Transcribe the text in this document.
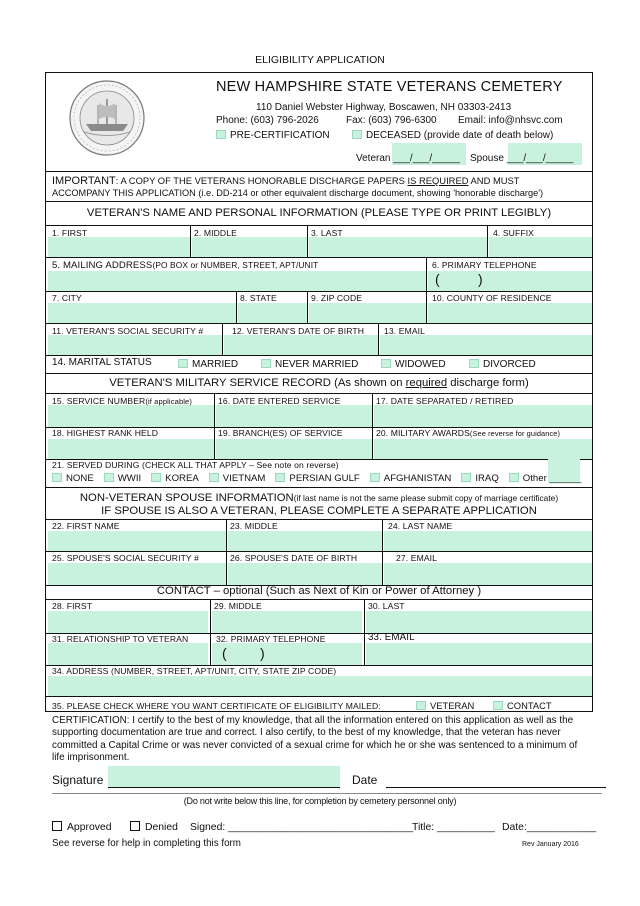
ELIGIBILITY APPLICATION
NEW HAMPSHIRE STATE VETERANS CEMETERY
110 Daniel Webster Highway, Boscawen, NH 03303-2413
Phone: (603) 796-2026	Fax: (603) 796-6300 Email: info@nhsvc.com
PRE-CERTIFICATION	DECEASED (provide date of death below)
Veteran ___/___/_____ Spouse ___/___/_____
IMPORTANT: A COPY OF THE VETERANS HONORABLE DISCHARGE PAPERS IS REQUIRED AND MUST
ACCOMPANY THIS APPLICATION (i.e. DD-214 or other equivalent discharge document, showing 'honorable discharge')
VETERAN'S NAME AND PERSONAL INFORMATION (PLEASE TYPE OR PRINT LEGIBLY)
1. FIRST	2. MIDDLE	3. LAST	4. SUFFIX
5. MAILING ADDRESS(PO BOX or NUMBER, STREET, APT/UNIT	6. PRIMARY TELEPHONE
(	)
7. CITY	8. STATE	9. ZIP CODE	10. COUNTY OF RESIDENCE
11. VETERAN'S SOCIAL SECURITY #	12. VETERAN'S DATE OF BIRTH 13. EMAIL
14. MARITAL STATUS	MARRIED	NEVER MARRIED	WIDOWED	DIVORCED
VETERAN'S MILITARY SERVICE RECORD (As shown on required discharge form)
15. SERVICE NUMBER(if applicable)	16. DATE ENTERED SERVICE	17. DATE SEPARATED / RETIRED
18. HIGHEST RANK HELD	19. BRANCH(ES) OF SERVICE	20. MILITARY AWARDS(See reverse for guidance)
21. SERVED DURING (CHECK ALL THAT APPLY – See note on reverse)
NONE	WWII	KOREA	VIETNAM	PERSIAN GULF	AFGHANISTAN	IRAQ	Other ______
NON-VETERAN SPOUSE INFORMATION(if last name is not the same please submit copy of marriage certificate)
IF SPOUSE IS ALSO A VETERAN, PLEASE COMPLETE A SEPARATE APPLICATION
22. FIRST NAME	23. MIDDLE	24. LAST NAME
25. SPOUSE'S SOCIAL SECURITY #	26. SPOUSE'S DATE OF BIRTH	27. EMAIL
CONTACT – optional (Such as Next of Kin or Power of Attorney )
28. FIRST	29. MIDDLE	30. LAST
31. RELATIONSHIP TO VETERAN	32. PRIMARY TELEPHONE	33. EMAIL
( )
34. ADDRESS (NUMBER, STREET, APT/UNIT, CITY, STATE ZIP CODE)
35. PLEASE CHECK WHERE YOU WANT CERTIFICATE OF ELIGIBILITY MAILED:	VETERAN	CONTACT
CERTIFICATION: I certify to the best of my knowledge, that all the information entered on this application as well as the supporting documentation are true and correct. I also certify, to the best of my knowledge, that the veteran has never committed a Capital Crime or was never convicted of a sexual crime for which he or she was sentenced to a minimum of life imprisonment.
Signature	Date
(Do not write below this line, for completion by cemetery personnel only)
Approved	Denied Signed: ________________________________
Title: __________ Date:____________
See reverse for help in completing this form	Rev January 2016
